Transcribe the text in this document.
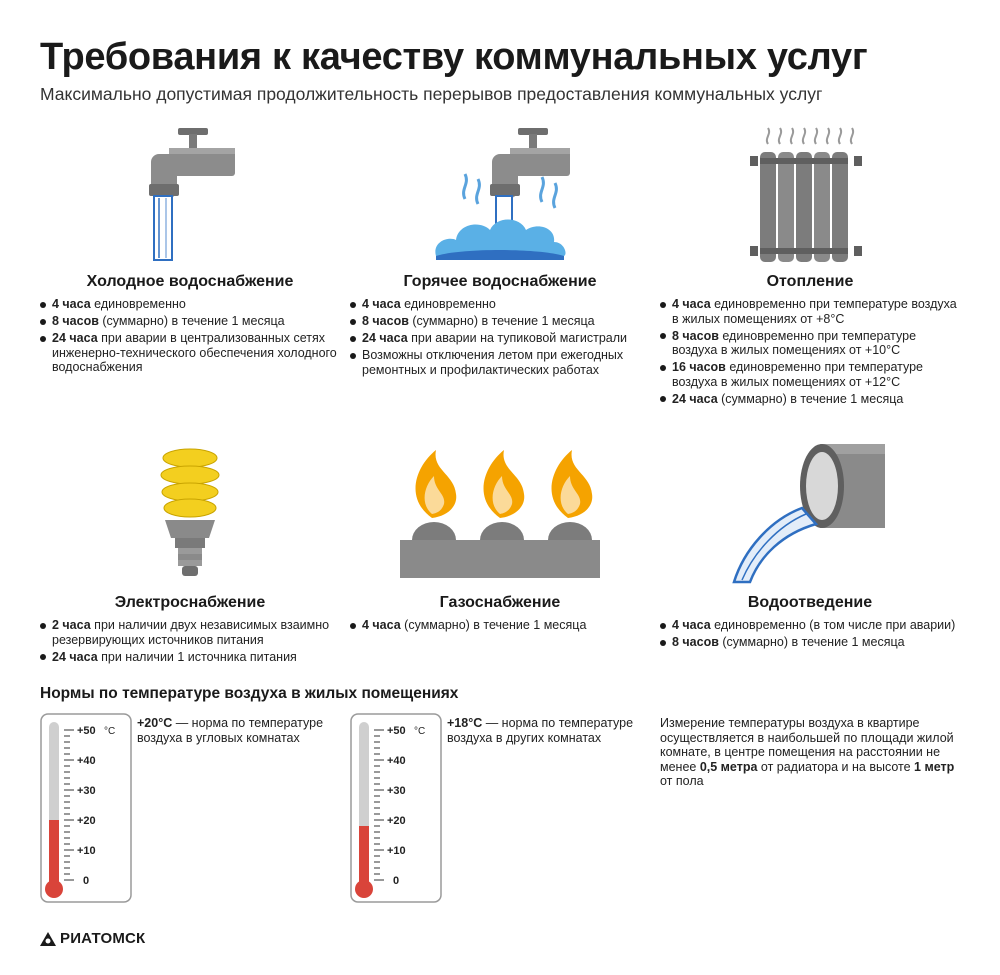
Требования к качеству коммунальных услуг

Максимально допустимая продолжительность перерывов предоставления коммунальных услуг

Холодное водоснабжение	Горячее водоснабжение	Отопление
Электроснабжение	Газоснабжение	Водоотведение
4 часа единовременно
8 часов (суммарно) в течение 1 месяца
24 часа при аварии в централизованных сетях инженерно-технического обеспечения холодного водоснабжения
4 часа единовременно
8 часов (суммарно) в течение 1 месяца
24 часа при аварии на тупиковой магистрали
Возможны отключения летом при ежегодных ремонтных и профилактических работах
4 часа единовременно при температуре воздуха в жилых помещениях от +8°С
8 часов единовременно при температуре воздуха в жилых помещениях от +10°С
16 часов единовременно при температуре воздуха в жилых помещениях от +12°С
24 часа (суммарно) в течение 1 месяца
2 часа при наличии двух независимых взаимно резервирующих источников питания
24 часа при наличии 1 источника питания
4 часа (суммарно) в течение 1 месяца	4 часа единовременно (в том числе при аварии)
8 часов (суммарно) в течение 1 месяца
Нормы по температуре воздуха в жилых помещениях
+50
+40
+30
+20
+10
0
°C
+20°С — норма по температуре воздуха в угловых комнатах	+50
+40
+30
+20
+10
0
°C
+18°С — норма по температуре воздуха в других комнатах
Измерение температуры воздуха в квартире осуществляется в наибольшей по площади жилой комнате, в центре помещения на расстоянии не менее 0,5 метра от радиатора и на высоте 1 метр от пола
РИАТОМСК
